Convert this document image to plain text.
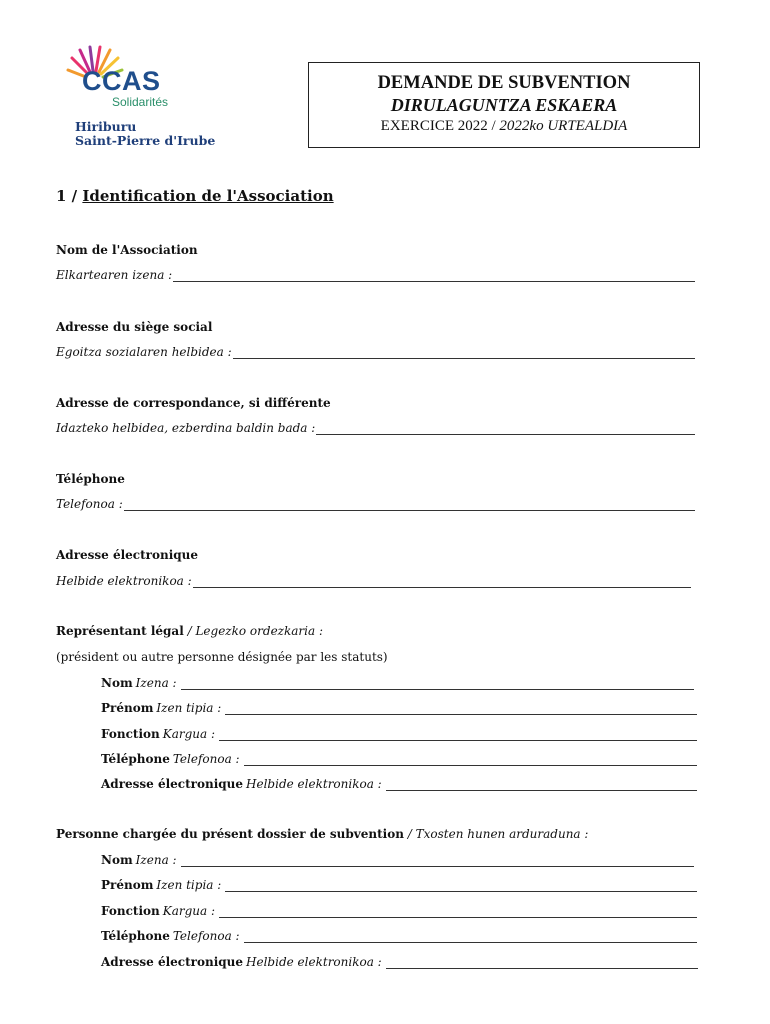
CCAS
Solidarités
Hiriburu
Saint-Pierre d'Irube
DEMANDE DE SUBVENTION
DIRULAGUNTZA ESKAERA
EXERCICE 2022 / 2022ko URTEALDIA
1 / Identification de l'Association
Nom de l'Association
Elkartearen izena :
Adresse du siège social
Egoitza sozialaren helbidea :
Adresse de correspondance, si différente
Idazteko helbidea, ezberdina baldin bada :
Téléphone
Telefonoa :
Adresse électronique
Helbide elektronikoa :
Représentant légal / Legezko ordezkaria :
(président ou autre personne désignée par les statuts)
Nom Izena :
Prénom Izen tipia :
Fonction Kargua :
Téléphone Telefonoa :
Adresse électronique Helbide elektronikoa :
Personne chargée du présent dossier de subvention / Txosten hunen arduraduna :
Nom Izena :
Prénom Izen tipia :
Fonction Kargua :
Téléphone Telefonoa :
Adresse électronique Helbide elektronikoa :
